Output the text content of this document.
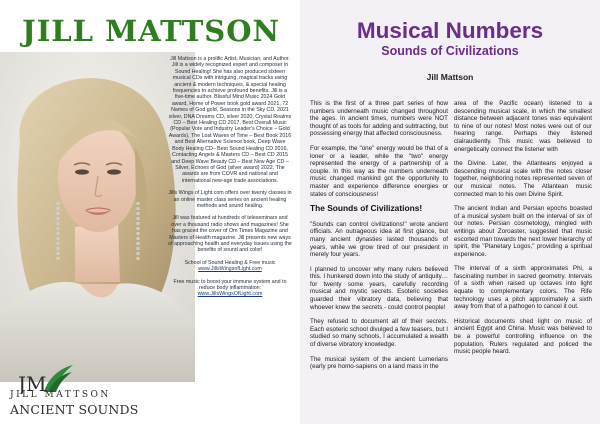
JILL MATTSON

Jill Mattson is a prolific Artist, Musician, and Author. Jill is a widely recognized expert and composer in Sound Healing! She has also produced sixteen musical CDs with intriguing, magical tracks using ancient & modern techniques, & special healing frequencies to achieve profound benefits. Jill is a five-time author. Blissful Mind Music 2024 Gold award, Home of Power book gold award 2021, 72 Names of God gold, Seasons in the Sky CD, 2021 silver, DNA Dreams CD, silver 2020, Crystal Realms CD – Best Healing CD 2017, Best Overall Music (Popular Vote and Industry Leader's Choice – Gold Awards), The Lost Waves of Time – Best Book 2016 and Best Alternative Science book, Deep Wave Body Healing CD– Best Sound Healing CD 2016, Contacting Angels & Masters CD – Best CD 2015 and Deep Wave Beauty CD – Best New Age CD – Silver, Echoes of God (silver award) 2022. The awards are from COVR and national and international new-age trade associations.

Jills Wings of Light.com offers over twenty classes in an online master class series on ancient healing methods and sound healing.

Jill was featured at hundreds of teleseminars and over a thousand radio shows and magazines! She has graced the cover of Om Times Magazine and Masters of Health magazine. Jill presents new ways of approaching health and everyday issues using the benefits of sound and color!

School of Sound Healing & Free music www.JillsWingsofLight.com

Free music to boost your immune system and to reduce body inflammation: www.JillsWingsOfLight.com

JM
JILL MATTSON
ANCIENT SOUNDS
Musical Numbers
Sounds of Civilizations
Jill Mattson

This is the first of a three part series of how numbers underneath music changed throughout the ages. In ancient times, numbers were NOT thought of as tools for adding and subtracting, but possessing energy that affected consciousness.

For example, the "one" energy would be that of a loner or a leader, while the "two" energy represented the energy of a partnership of a couple. In this way as the numbers underneath music changed mankind got the opportunity to master and experience difference energies or states of consciousness!

The Sounds of Civilizations!

"Sounds can control civilizations!" wrote ancient officials. An outrageous idea at first glance, but many ancient dynasties lasted thousands of years, while we grow tired of our president in merely four years.

I planned to uncover why many rulers believed this. I hunkered down into the study of antiquity… for twenty some years, carefully recording musical and mystic secrets. Esoteric societies guarded their vibratory data, believing that whoever knew the secrets - could control people!

They refused to document all of their secrets. Each esoteric school divulged a few teasers, but I studied so many schools, I accumulated a wealth of diverse vibratory knowledge.

The musical system of the ancient Lumerians (early pre homo-sapiens on a land mass in the

area of the Pacific ocean) listened to a descending musical scale, in which the smallest distance between adjacent tones was equivalent to nine of our notes! Most notes were out of our hearing range. Perhaps they listened clairaudiently. This music was believed to energetically connect the listener with

the Divine. Later, the Atlanteans enjoyed a descending musical scale with the notes closer together, neighboring notes represented seven of our musical notes. The Atlantean music connected man to his own Divine Spirit.

The ancient Indian and Persian epochs boasted of a musical system built on the interval of six of our notes. Persian cosmetology, mingled with writings about Zoroaster, suggested that music escorted man towards the next lower hierarchy of spirit, the "Planetary Logos," providing a spiritual experience.

The interval of a sixth approximates Phi, a fascinating number in sacred geometry. Intervals of a sixth when raised up octaves into light equate to complementary colors. The Rife technology uses a pitch approximately a sixth away from that of a pathogen to cancel it out.

Historical documents shed light on music of ancient Egypt and China. Music was believed to be a powerful controlling influence on the population. Rulers regulated and policed the music people heard.
